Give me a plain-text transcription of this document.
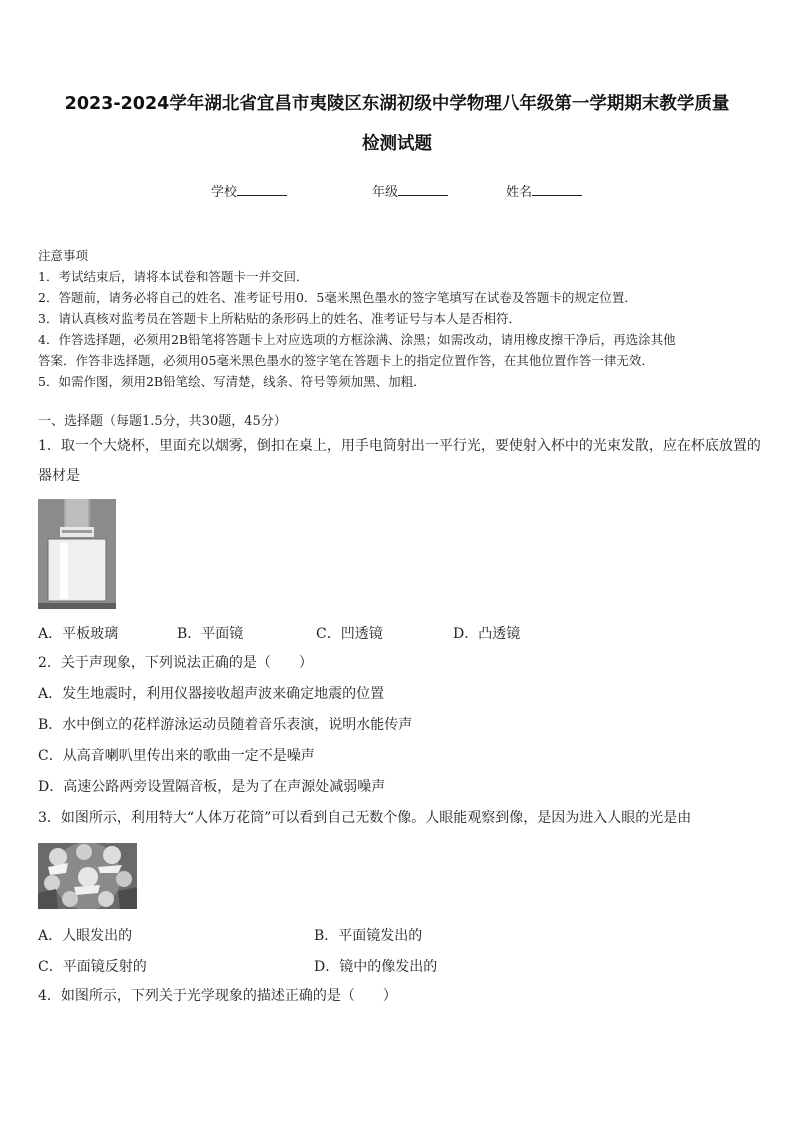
2023-2024学年湖北省宜昌市夷陵区东湖初级中学物理八年级第一学期期末教学质量
检测试题
学校	年级	姓名

注意事项

1．考试结束后，请将本试卷和答题卡一并交回．

2．答题前，请务必将自己的姓名、准考证号用0．5毫米黑色墨水的签字笔填写在试卷及答题卡的规定位置．

3．请认真核对监考员在答题卡上所粘贴的条形码上的姓名、准考证号与本人是否相符．

4．作答选择题，必须用2B铅笔将答题卡上对应选项的方框涂满、涂黑；如需改动，请用橡皮擦干净后，再选涂其他

答案．作答非选择题，必须用05毫米黑色墨水的签字笔在答题卡上的指定位置作答，在其他位置作答一律无效．

5．如需作图，须用2B铅笔绘、写清楚，线条、符号等须加黑、加粗．

一、选择题（每题1.5分，共30题，45分）
1．取一个大烧杯，里面充以烟雾，倒扣在桌上，用手电筒射出一平行光，要使射入杯中的光束发散，应在杯底放置的
器材是
A．平板玻璃	B．平面镜	C．凹透镜	D．凸透镜
2．关于声现象，下列说法正确的是（　　）
A．发生地震时，利用仪器接收超声波来确定地震的位置
B．水中倒立的花样游泳运动员随着音乐表演，说明水能传声
C．从高音喇叭里传出来的歌曲一定不是噪声
D．高速公路两旁设置隔音板，是为了在声源处减弱噪声
3．如图所示，利用特大“人体万花筒”可以看到自己无数个像。人眼能观察到像，是因为进入人眼的光是由
A．人眼发出的	B．平面镜发出的
C．平面镜反射的	D．镜中的像发出的
4．如图所示，下列关于光学现象的描述正确的是（　　）
